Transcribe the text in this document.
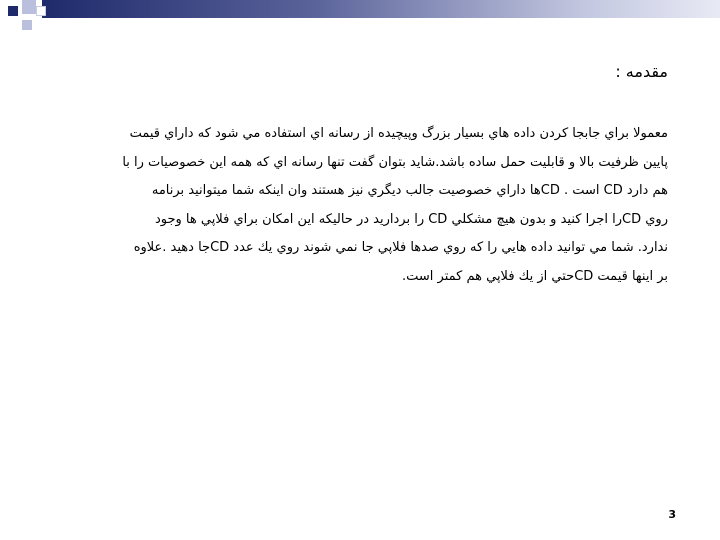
مقدمه :
معمولا براي جابجا كردن داده هاي بسيار بزرگ وپيچيده از رسانه اي استفاده مي شود كه داراي قيمت
پايين ظرفيت بالا و قابليت حمل ساده باشد.شايد بتوان گفت تنها رسانه اي كه همه اين خصوصيات را با
هم دارد CD است . CDها داراي خصوصيت جالب ديگري نيز هستند وان اينكه شما ميتوانيد برنامه
روي CDرا اجرا كنيد و بدون هيچ مشكلي CD را برداريد در حاليكه اين امكان براي فلاپي ها وجود
ندارد. شما مي توانيد داده هايي را كه روي صدها فلاپي جا نمي شوند روي يك عدد CDجا دهيد .علاوه
بر اينها قيمت CDحتي از يك فلاپي هم كمتر است.
3
